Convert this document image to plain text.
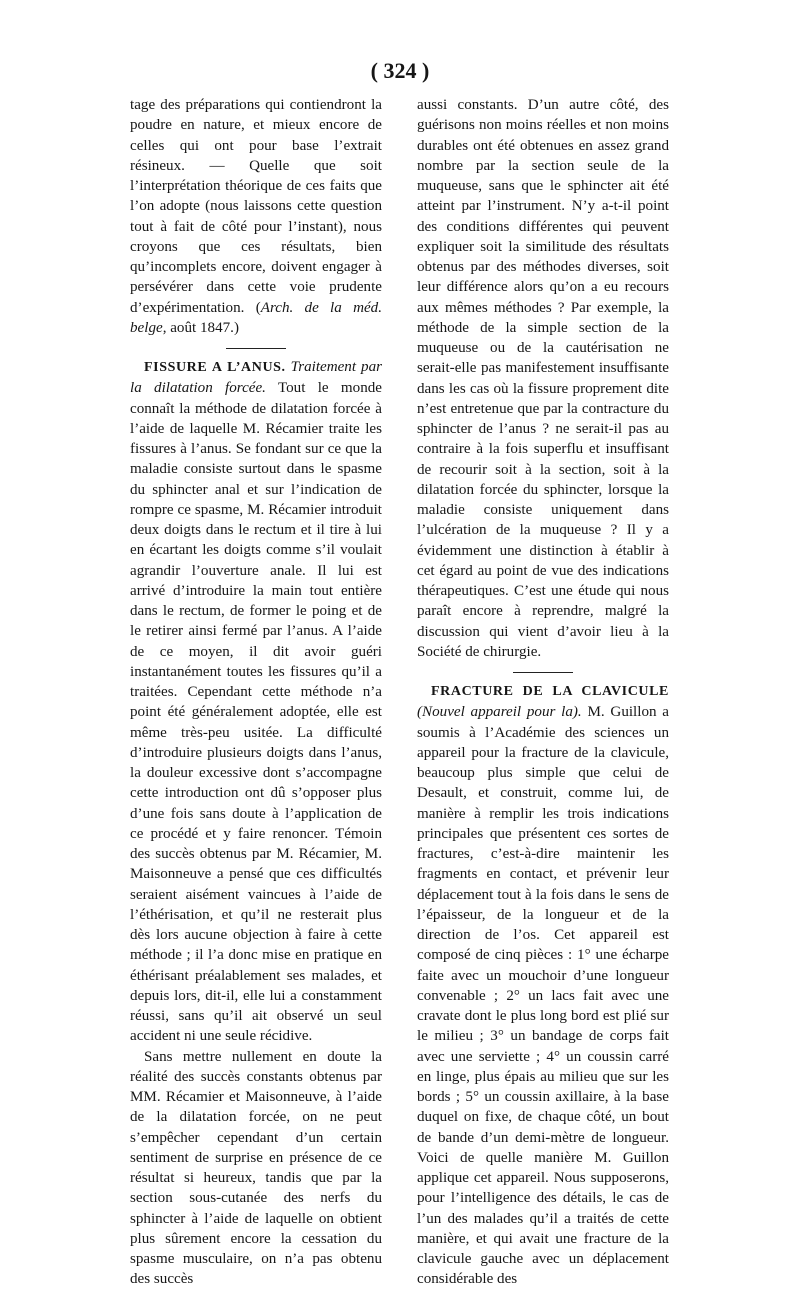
( 324 )

tage des préparations qui contiendront la poudre en nature, et mieux encore de celles qui ont pour base l’extrait résineux. — Quelle que soit l’interprétation théorique de ces faits que l’on adopte (nous laissons cette question tout à fait de côté pour l’instant), nous croyons que ces résultats, bien qu’incomplets encore, doivent engager à persévérer dans cette voie prudente d’expérimentation. (Arch. de la méd. belge, août 1847.)

FISSURE A L’ANUS. Traitement par la dilatation forcée. Tout le monde connaît la méthode de dilatation forcée à l’aide de laquelle M. Récamier traite les fissures à l’anus. Se fondant sur ce que la maladie consiste surtout dans le spasme du sphincter anal et sur l’indication de rompre ce spasme, M. Récamier introduit deux doigts dans le rectum et il tire à lui en écartant les doigts comme s’il voulait agrandir l’ouverture anale. Il lui est arrivé d’introduire la main tout entière dans le rectum, de former le poing et de le retirer ainsi fermé par l’anus. A l’aide de ce moyen, il dit avoir guéri instantanément toutes les fissures qu’il a traitées. Cependant cette méthode n’a point été généralement adoptée, elle est même très-peu usitée. La difficulté d’introduire plusieurs doigts dans l’anus, la douleur excessive dont s’accompagne cette introduction ont dû s’opposer plus d’une fois sans doute à l’application de ce procédé et y faire renoncer. Témoin des succès obtenus par M. Récamier, M. Maisonneuve a pensé que ces difficultés seraient aisément vaincues à l’aide de l’éthérisation, et qu’il ne resterait plus dès lors aucune objection à faire à cette méthode ; il l’a donc mise en pratique en éthérisant préalablement ses malades, et depuis lors, dit-il, elle lui a constamment réussi, sans qu’il ait observé un seul accident ni une seule récidive.

Sans mettre nullement en doute la réalité des succès constants obtenus par MM. Récamier et Maisonneuve, à l’aide de la dilatation forcée, on ne peut s’empêcher cependant d’un certain sentiment de surprise en présence de ce résultat si heureux, tandis que par la section sous-cutanée des nerfs du sphincter à l’aide de laquelle on obtient plus sûrement encore la cessation du spasme musculaire, on n’a pas obtenu des succès

aussi constants. D’un autre côté, des guérisons non moins réelles et non moins durables ont été obtenues en assez grand nombre par la section seule de la muqueuse, sans que le sphincter ait été atteint par l’instrument. N’y a-t-il point des conditions différentes qui peuvent expliquer soit la similitude des résultats obtenus par des méthodes diverses, soit leur différence alors qu’on a eu recours aux mêmes méthodes ? Par exemple, la méthode de la simple section de la muqueuse ou de la cautérisation ne serait-elle pas manifestement insuffisante dans les cas où la fissure proprement dite n’est entretenue que par la contracture du sphincter de l’anus ? ne serait-il pas au contraire à la fois superflu et insuffisant de recourir soit à la section, soit à la dilatation forcée du sphincter, lorsque la maladie consiste uniquement dans l’ulcération de la muqueuse ? Il y a évidemment une distinction à établir à cet égard au point de vue des indications thérapeutiques. C’est une étude qui nous paraît encore à reprendre, malgré la discussion qui vient d’avoir lieu à la Société de chirurgie.

FRACTURE DE LA CLAVICULE (Nouvel appareil pour la). M. Guillon a soumis à l’Académie des sciences un appareil pour la fracture de la clavicule, beaucoup plus simple que celui de Desault, et construit, comme lui, de manière à remplir les trois indications principales que présentent ces sortes de fractures, c’est-à-dire maintenir les fragments en contact, et prévenir leur déplacement tout à la fois dans le sens de l’épaisseur, de la longueur et de la direction de l’os. Cet appareil est composé de cinq pièces : 1° une écharpe faite avec un mouchoir d’une longueur convenable ; 2° un lacs fait avec une cravate dont le plus long bord est plié sur le milieu ; 3° un bandage de corps fait avec une serviette ; 4° un coussin carré en linge, plus épais au milieu que sur les bords ; 5° un coussin axillaire, à la base duquel on fixe, de chaque côté, un bout de bande d’un demi-mètre de longueur. Voici de quelle manière M. Guillon applique cet appareil. Nous supposerons, pour l’intelligence des détails, le cas de l’un des malades qu’il a traités de cette manière, et qui avait une fracture de la clavicule gauche avec un déplacement considérable des
